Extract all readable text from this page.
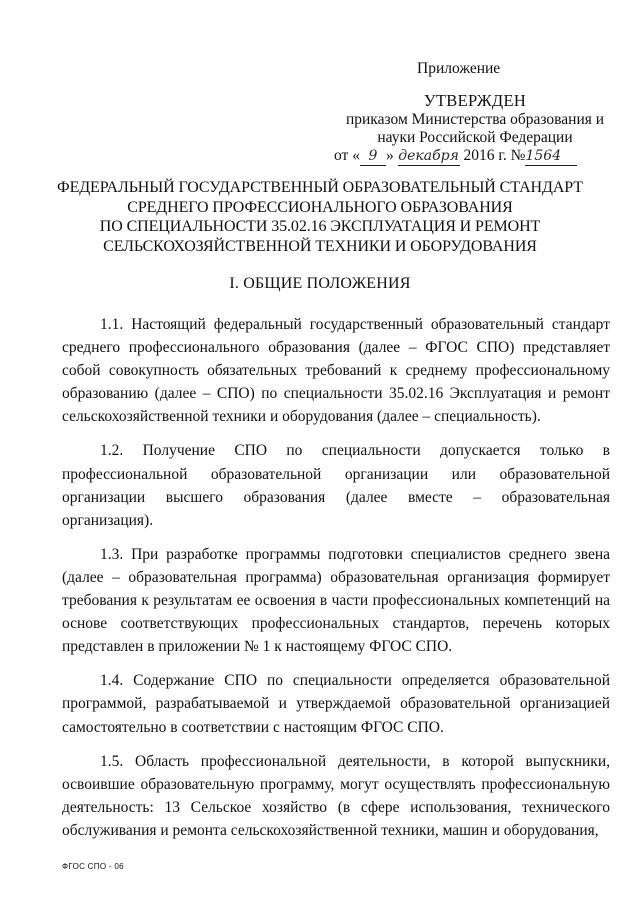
Приложение
УТВЕРЖДЕН
приказом Министерства образования и
науки Российской Федерации
от « 9 » декабря 2016 г. №1564
ФЕДЕРАЛЬНЫЙ ГОСУДАРСТВЕННЫЙ ОБРАЗОВАТЕЛЬНЫЙ СТАНДАРТ
СРЕДНЕГО ПРОФЕССИОНАЛЬНОГО ОБРАЗОВАНИЯ
ПО СПЕЦИАЛЬНОСТИ 35.02.16 ЭКСПЛУАТАЦИЯ И РЕМОНТ
СЕЛЬСКОХОЗЯЙСТВЕННОЙ ТЕХНИКИ И ОБОРУДОВАНИЯ
I. ОБЩИЕ ПОЛОЖЕНИЯ

1.1. Настоящий федеральный государственный образовательный стандарт среднего профессионального образования (далее – ФГОС СПО) представляет собой совокупность обязательных требований к среднему профессиональному образованию (далее – СПО) по специальности 35.02.16 Эксплуатация и ремонт сельскохозяйственной техники и оборудования (далее – специальность).

1.2. Получение СПО по специальности допускается только в профессиональной образовательной организации или образовательной организации высшего образования (далее вместе – образовательная организация).

1.3. При разработке программы подготовки специалистов среднего звена (далее – образовательная программа) образовательная организация формирует требования к результатам ее освоения в части профессиональных компетенций на основе соответствующих профессиональных стандартов, перечень которых представлен в приложении № 1 к настоящему ФГОС СПО.

1.4. Содержание СПО по специальности определяется образовательной программой, разрабатываемой и утверждаемой образовательной организацией самостоятельно в соответствии с настоящим ФГОС СПО.

1.5. Область профессиональной деятельности, в которой выпускники, освоившие образовательную программу, могут осуществлять профессиональную деятельность: 13 Сельское хозяйство (в сфере использования, технического обслуживания и ремонта сельскохозяйственной техники, машин и оборудования,

ФГОС СПО - 06
